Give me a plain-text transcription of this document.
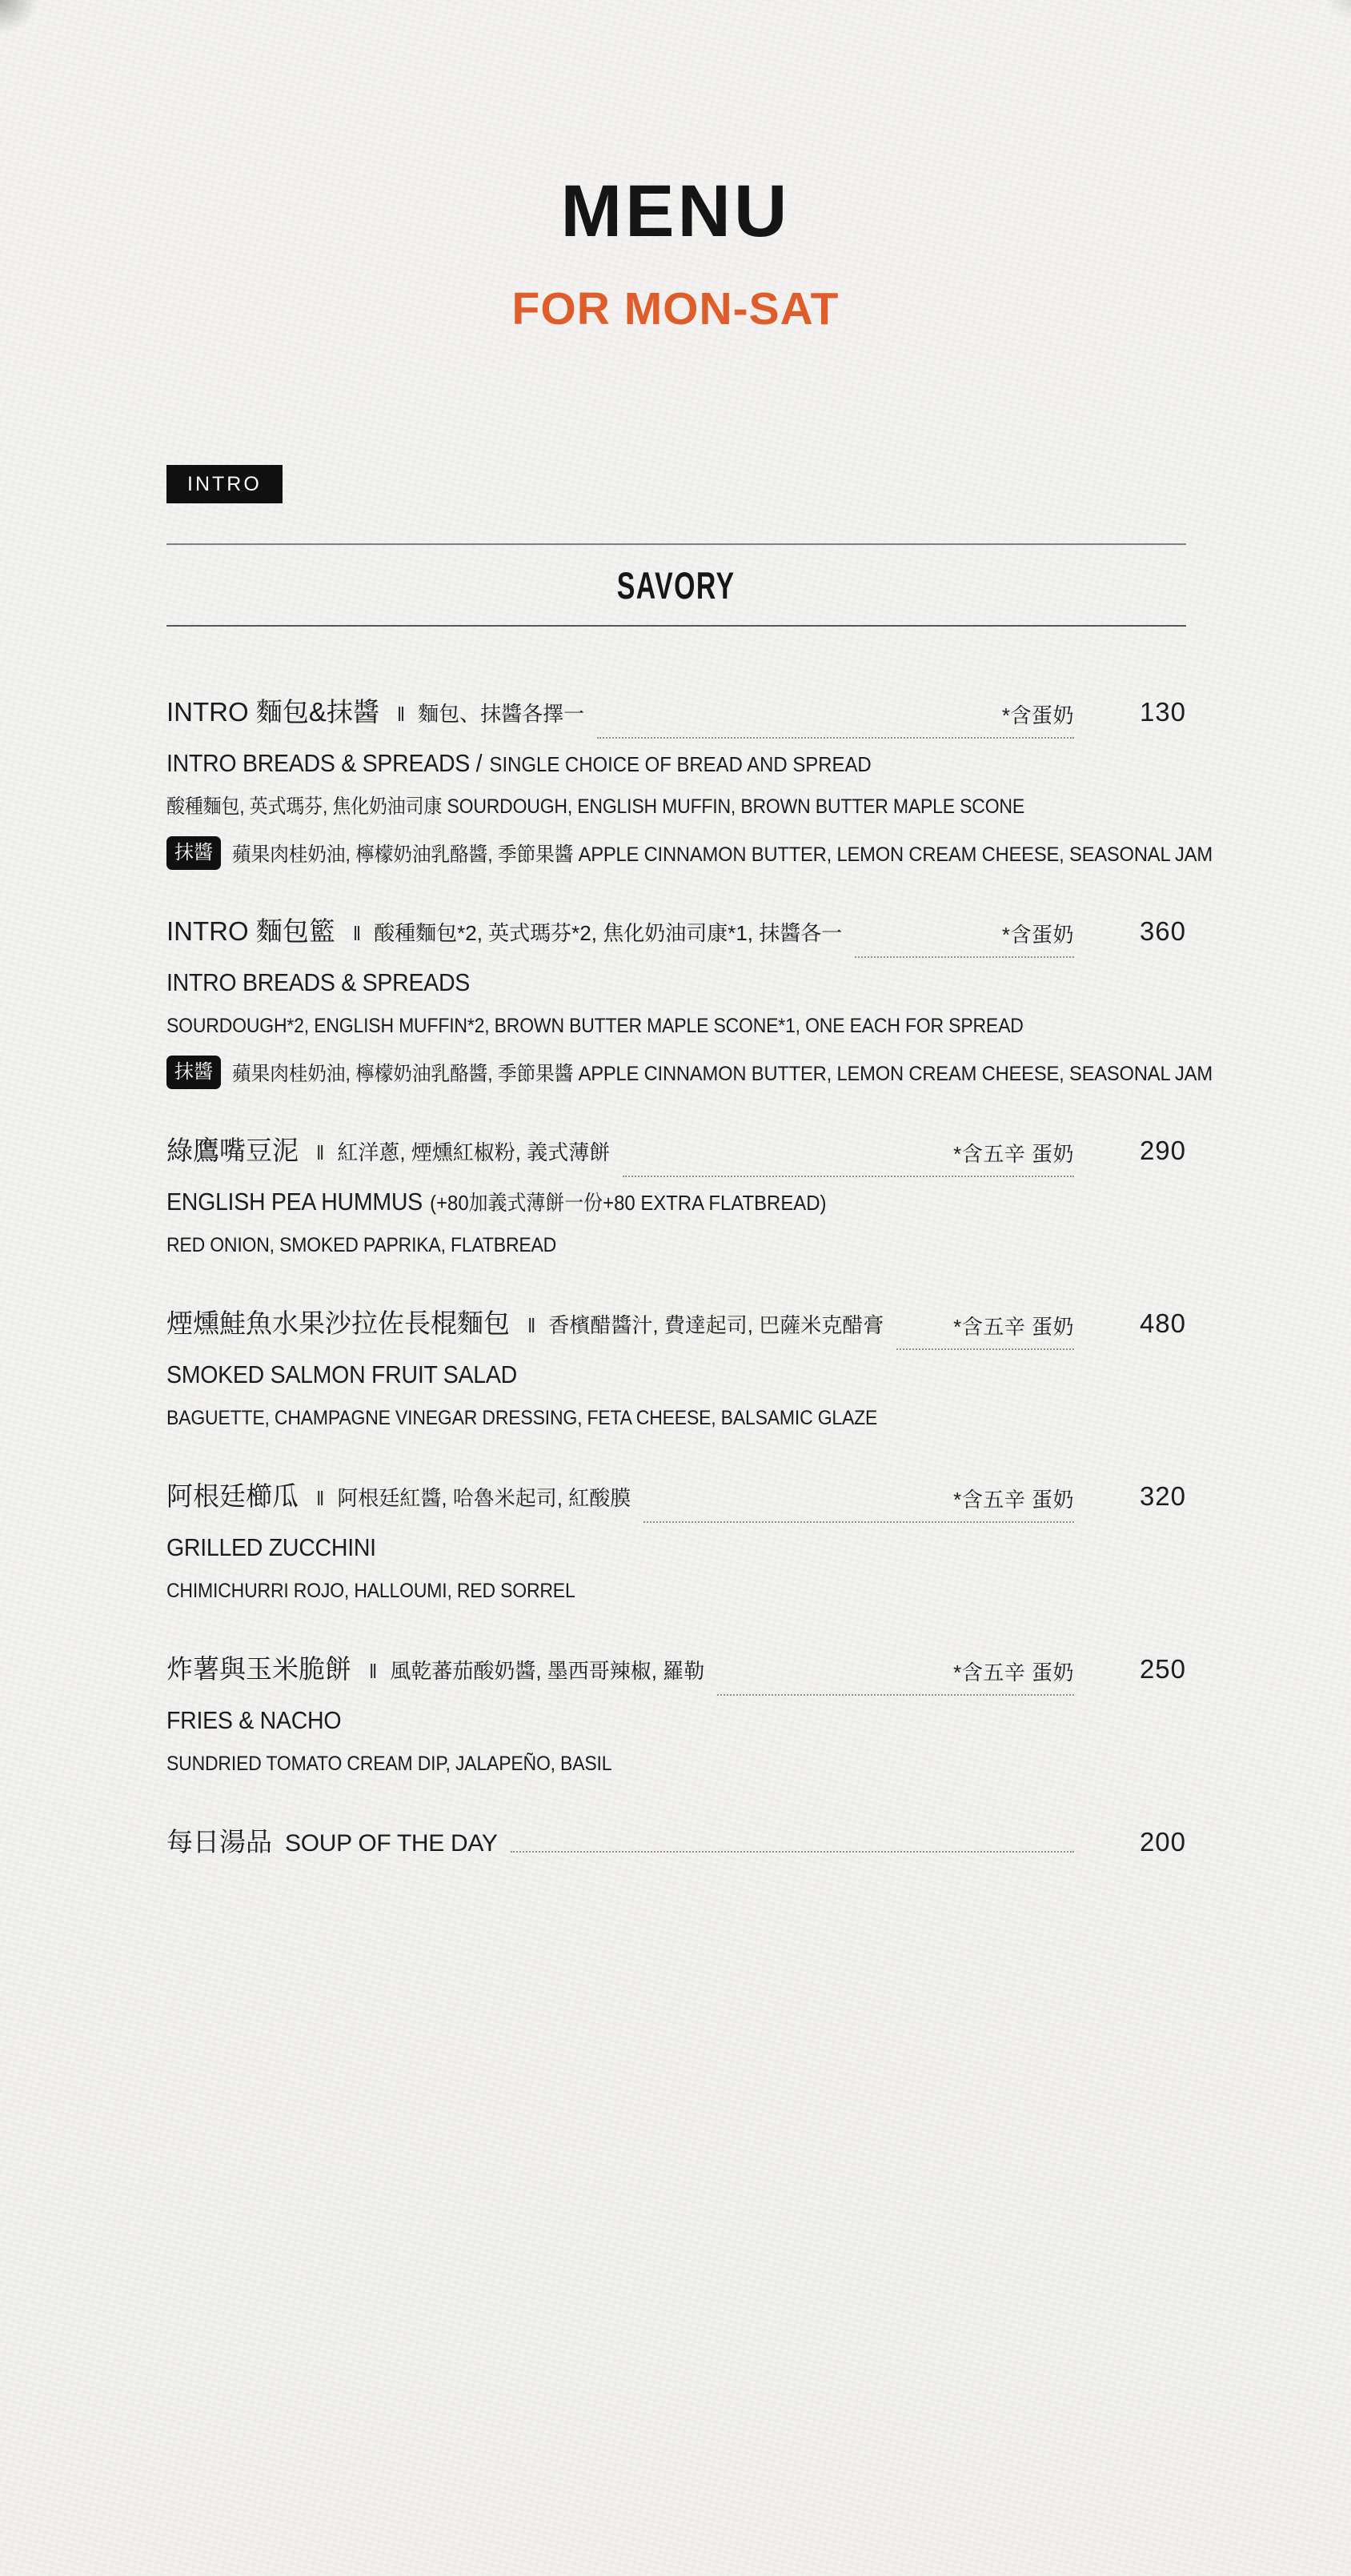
MENU
FOR MON-SAT
INTRO
SAVORY
INTRO 麵包&抹醬 ‖ 麵包、抹醬各擇一	*含蛋奶	130
INTRO BREADS & SPREADS / SINGLE CHOICE OF BREAD AND SPREAD
酸種麵包, 英式瑪芬, 焦化奶油司康 SOURDOUGH, ENGLISH MUFFIN, BROWN BUTTER MAPLE SCONE
抹醬 蘋果肉桂奶油, 檸檬奶油乳酪醬, 季節果醬 APPLE CINNAMON BUTTER, LEMON CREAM CHEESE, SEASONAL JAM
INTRO 麵包籃 ‖ 酸種麵包*2, 英式瑪芬*2, 焦化奶油司康*1, 抹醬各一	*含蛋奶	360
INTRO BREADS & SPREADS
SOURDOUGH*2, ENGLISH MUFFIN*2, BROWN BUTTER MAPLE SCONE*1, ONE EACH FOR SPREAD
抹醬 蘋果肉桂奶油, 檸檬奶油乳酪醬, 季節果醬 APPLE CINNAMON BUTTER, LEMON CREAM CHEESE, SEASONAL JAM
綠鷹嘴豆泥 ‖ 紅洋蔥, 煙燻紅椒粉, 義式薄餅	*含五辛 蛋奶	290
ENGLISH PEA HUMMUS (+80加義式薄餅一份+80 EXTRA FLATBREAD)
RED ONION, SMOKED PAPRIKA, FLATBREAD
煙燻鮭魚水果沙拉佐長棍麵包 ‖ 香檳醋醬汁, 費達起司, 巴薩米克醋膏	*含五辛 蛋奶	480
SMOKED SALMON FRUIT SALAD
BAGUETTE, CHAMPAGNE VINEGAR DRESSING, FETA CHEESE, BALSAMIC GLAZE
阿根廷櫛瓜 ‖ 阿根廷紅醬, 哈魯米起司, 紅酸膜	*含五辛 蛋奶	320
GRILLED ZUCCHINI
CHIMICHURRI ROJO, HALLOUMI, RED SORREL
炸薯與玉米脆餅 ‖ 風乾蕃茄酸奶醬, 墨西哥辣椒, 羅勒	*含五辛 蛋奶	250
FRIES & NACHO
SUNDRIED TOMATO CREAM DIP, JALAPEÑO, BASIL
每日湯品 SOUP OF THE DAY	200
